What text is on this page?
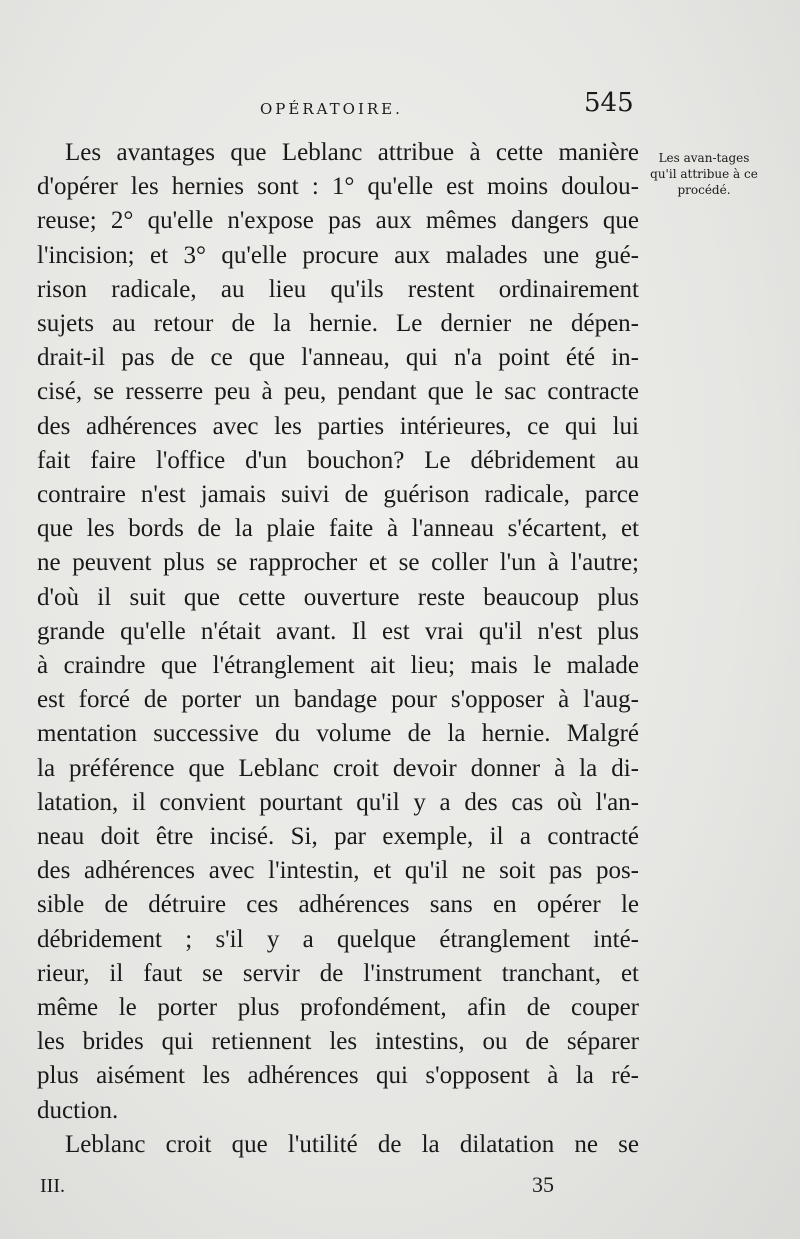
OPÉRATOIRE.	545
Les avan-tages qu'il attribue à ce procédé.
Les avantages que Leblanc attribue à cette manière
d'opérer les hernies sont : 1° qu'elle est moins doulou-
reuse; 2° qu'elle n'expose pas aux mêmes dangers que
l'incision; et 3° qu'elle procure aux malades une gué-
rison radicale, au lieu qu'ils restent ordinairement
sujets au retour de la hernie. Le dernier ne dépen-
drait-il pas de ce que l'anneau, qui n'a point été in-
cisé, se resserre peu à peu, pendant que le sac contracte
des adhérences avec les parties intérieures, ce qui lui
fait faire l'office d'un bouchon? Le débridement au
contraire n'est jamais suivi de guérison radicale, parce
que les bords de la plaie faite à l'anneau s'écartent, et
ne peuvent plus se rapprocher et se coller l'un à l'autre;
d'où il suit que cette ouverture reste beaucoup plus
grande qu'elle n'était avant. Il est vrai qu'il n'est plus
à craindre que l'étranglement ait lieu; mais le malade
est forcé de porter un bandage pour s'opposer à l'aug-
mentation successive du volume de la hernie. Malgré
la préférence que Leblanc croit devoir donner à la di-
latation, il convient pourtant qu'il y a des cas où l'an-
neau doit être incisé. Si, par exemple, il a contracté
des adhérences avec l'intestin, et qu'il ne soit pas pos-
sible de détruire ces adhérences sans en opérer le
débridement ; s'il y a quelque étranglement inté-
rieur, il faut se servir de l'instrument tranchant, et
même le porter plus profondément, afin de couper
les brides qui retiennent les intestins, ou de séparer
plus aisément les adhérences qui s'opposent à la ré-
duction.
Leblanc croit que l'utilité de la dilatation ne se
III.	35
